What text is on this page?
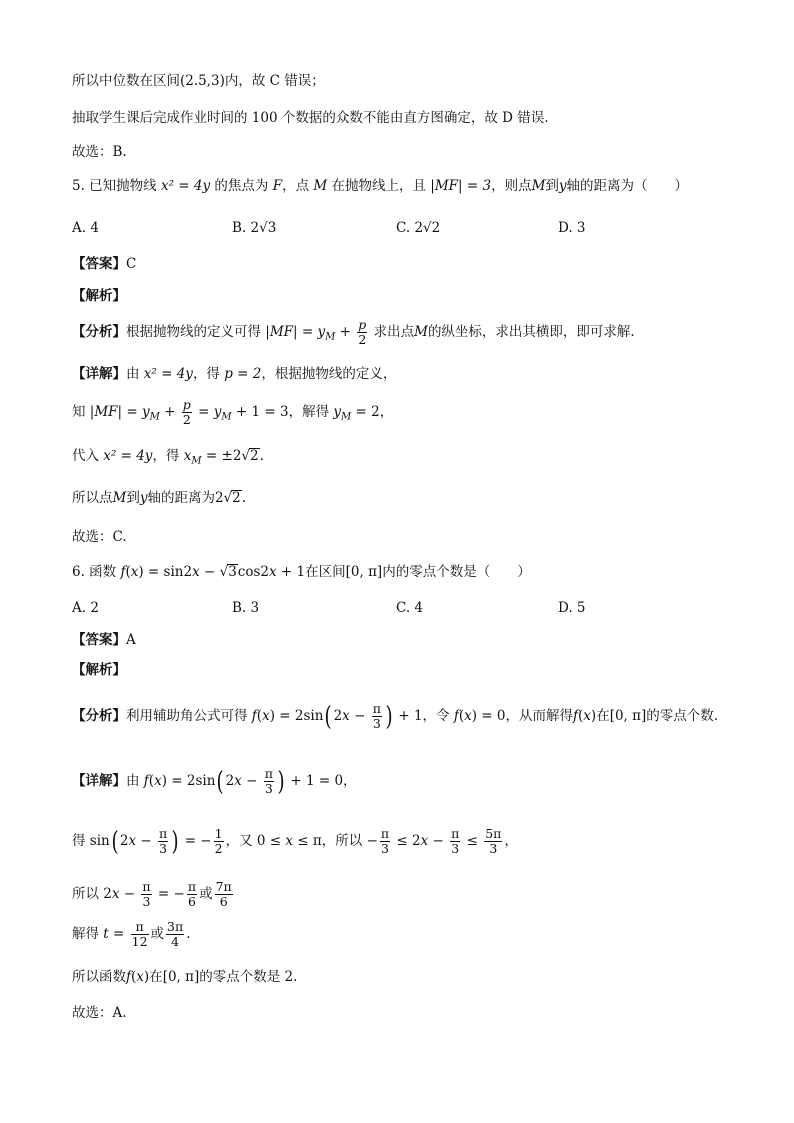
所以中位数在区间(2.5,3)内，故 C 错误；
抽取学生课后完成作业时间的 100 个数据的众数不能由直方图确定，故 D 错误.
故选：B.
5. 已知抛物线 x² = 4y 的焦点为 F，点 M 在抛物线上，且 |MF| = 3，则点M到y轴的距离为（　　）
A. 4	B. 2√3	C. 2√2	D. 3
【答案】C
【解析】
【分析】根据抛物线的定义可得 $|MF| = y_M + \frac{p}{2}$ 求出点M的纵坐标，求出其横即，即可求解.
【详解】由 x² = 4y，得 p = 2，根据抛物线的定义，
知 $|MF| = y_M + \frac{p}{2} = y_M + 1 = 3$，解得 $y_M = 2$，
代入 x² = 4y，得 $x_M = \pm 2√2$.
所以点M到y轴的距离为2√2.
故选：C.
6. 函数 f(x) = sin2x − √3cos2x + 1在区间[0, π]内的零点个数是（　　）
A. 2	B. 3	C. 4	D. 5
【答案】A
【解析】
【分析】利用辅助角公式可得 f(x) = 2sin( $2x - \frac{\pi}{3}$ ) + 1，令 f(x) = 0，从而解得f(x)在[0, π]的零点个数.
【详解】由 f(x) = 2sin( $2x - \frac{\pi}{3}$ ) + 1 = 0，
得 sin( $2x - \frac{\pi}{3}$ ) = − $\frac{1}{2}$ ，又 0 ≤ x ≤ π，所以 − $\frac{\pi}{3} \le 2x - \frac{\pi}{3} \le \frac{5\pi}{3}$ ，
所以 $2x - \frac{\pi}{3}$ = − $\frac{\pi}{6}$ 或 $\frac{7\pi}{6}$
解得 $t = \frac{\pi}{12}$ 或 $\frac{3\pi}{4}$ .
所以函数f(x)在[0, π]的零点个数是 2.
故选：A.
